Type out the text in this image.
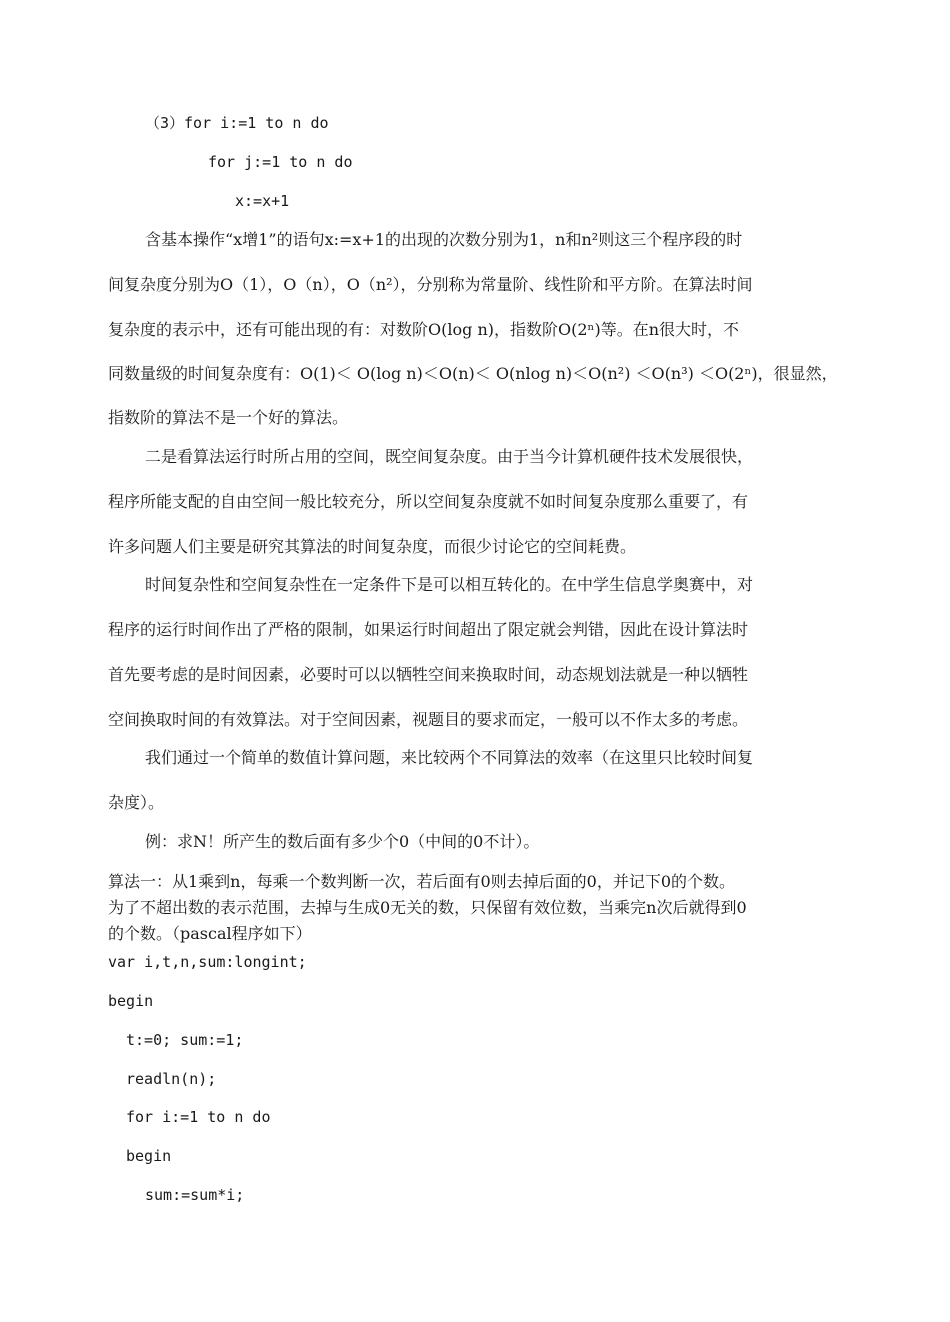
（3）for i:=1 to n do
for j:=1 to n do
x:=x+1
含基本操作“x增1”的语句x:=x+1的出现的次数分别为1，n和n²则这三个程序段的时
间复杂度分别为O（1），O（n），O（n²），分别称为常量阶、线性阶和平方阶。在算法时间
复杂度的表示中，还有可能出现的有：对数阶O(log n)，指数阶O(2ⁿ)等。在n很大时，不
同数量级的时间复杂度有：O(1)＜ O(log n)＜O(n)＜ O(nlog n)＜O(n²) ＜O(n³) ＜O(2ⁿ)，很显然，
指数阶的算法不是一个好的算法。
二是看算法运行时所占用的空间，既空间复杂度。由于当今计算机硬件技术发展很快，
程序所能支配的自由空间一般比较充分，所以空间复杂度就不如时间复杂度那么重要了，有
许多问题人们主要是研究其算法的时间复杂度，而很少讨论它的空间耗费。
时间复杂性和空间复杂性在一定条件下是可以相互转化的。在中学生信息学奥赛中，对
程序的运行时间作出了严格的限制，如果运行时间超出了限定就会判错，因此在设计算法时
首先要考虑的是时间因素，必要时可以以牺牲空间来换取时间，动态规划法就是一种以牺牲
空间换取时间的有效算法。对于空间因素，视题目的要求而定，一般可以不作太多的考虑。
我们通过一个简单的数值计算问题，来比较两个不同算法的效率（在这里只比较时间复
杂度）。
例：求N！所产生的数后面有多少个0（中间的0不计）。
算法一：从1乘到n，每乘一个数判断一次，若后面有0则去掉后面的0，并记下0的个数。
为了不超出数的表示范围，去掉与生成0无关的数，只保留有效位数，当乘完n次后就得到0
的个数。（pascal程序如下）
var i,t,n,sum:longint;
begin
t:=0; sum:=1;
readln(n);
for i:=1 to n do
begin
sum:=sum*i;
